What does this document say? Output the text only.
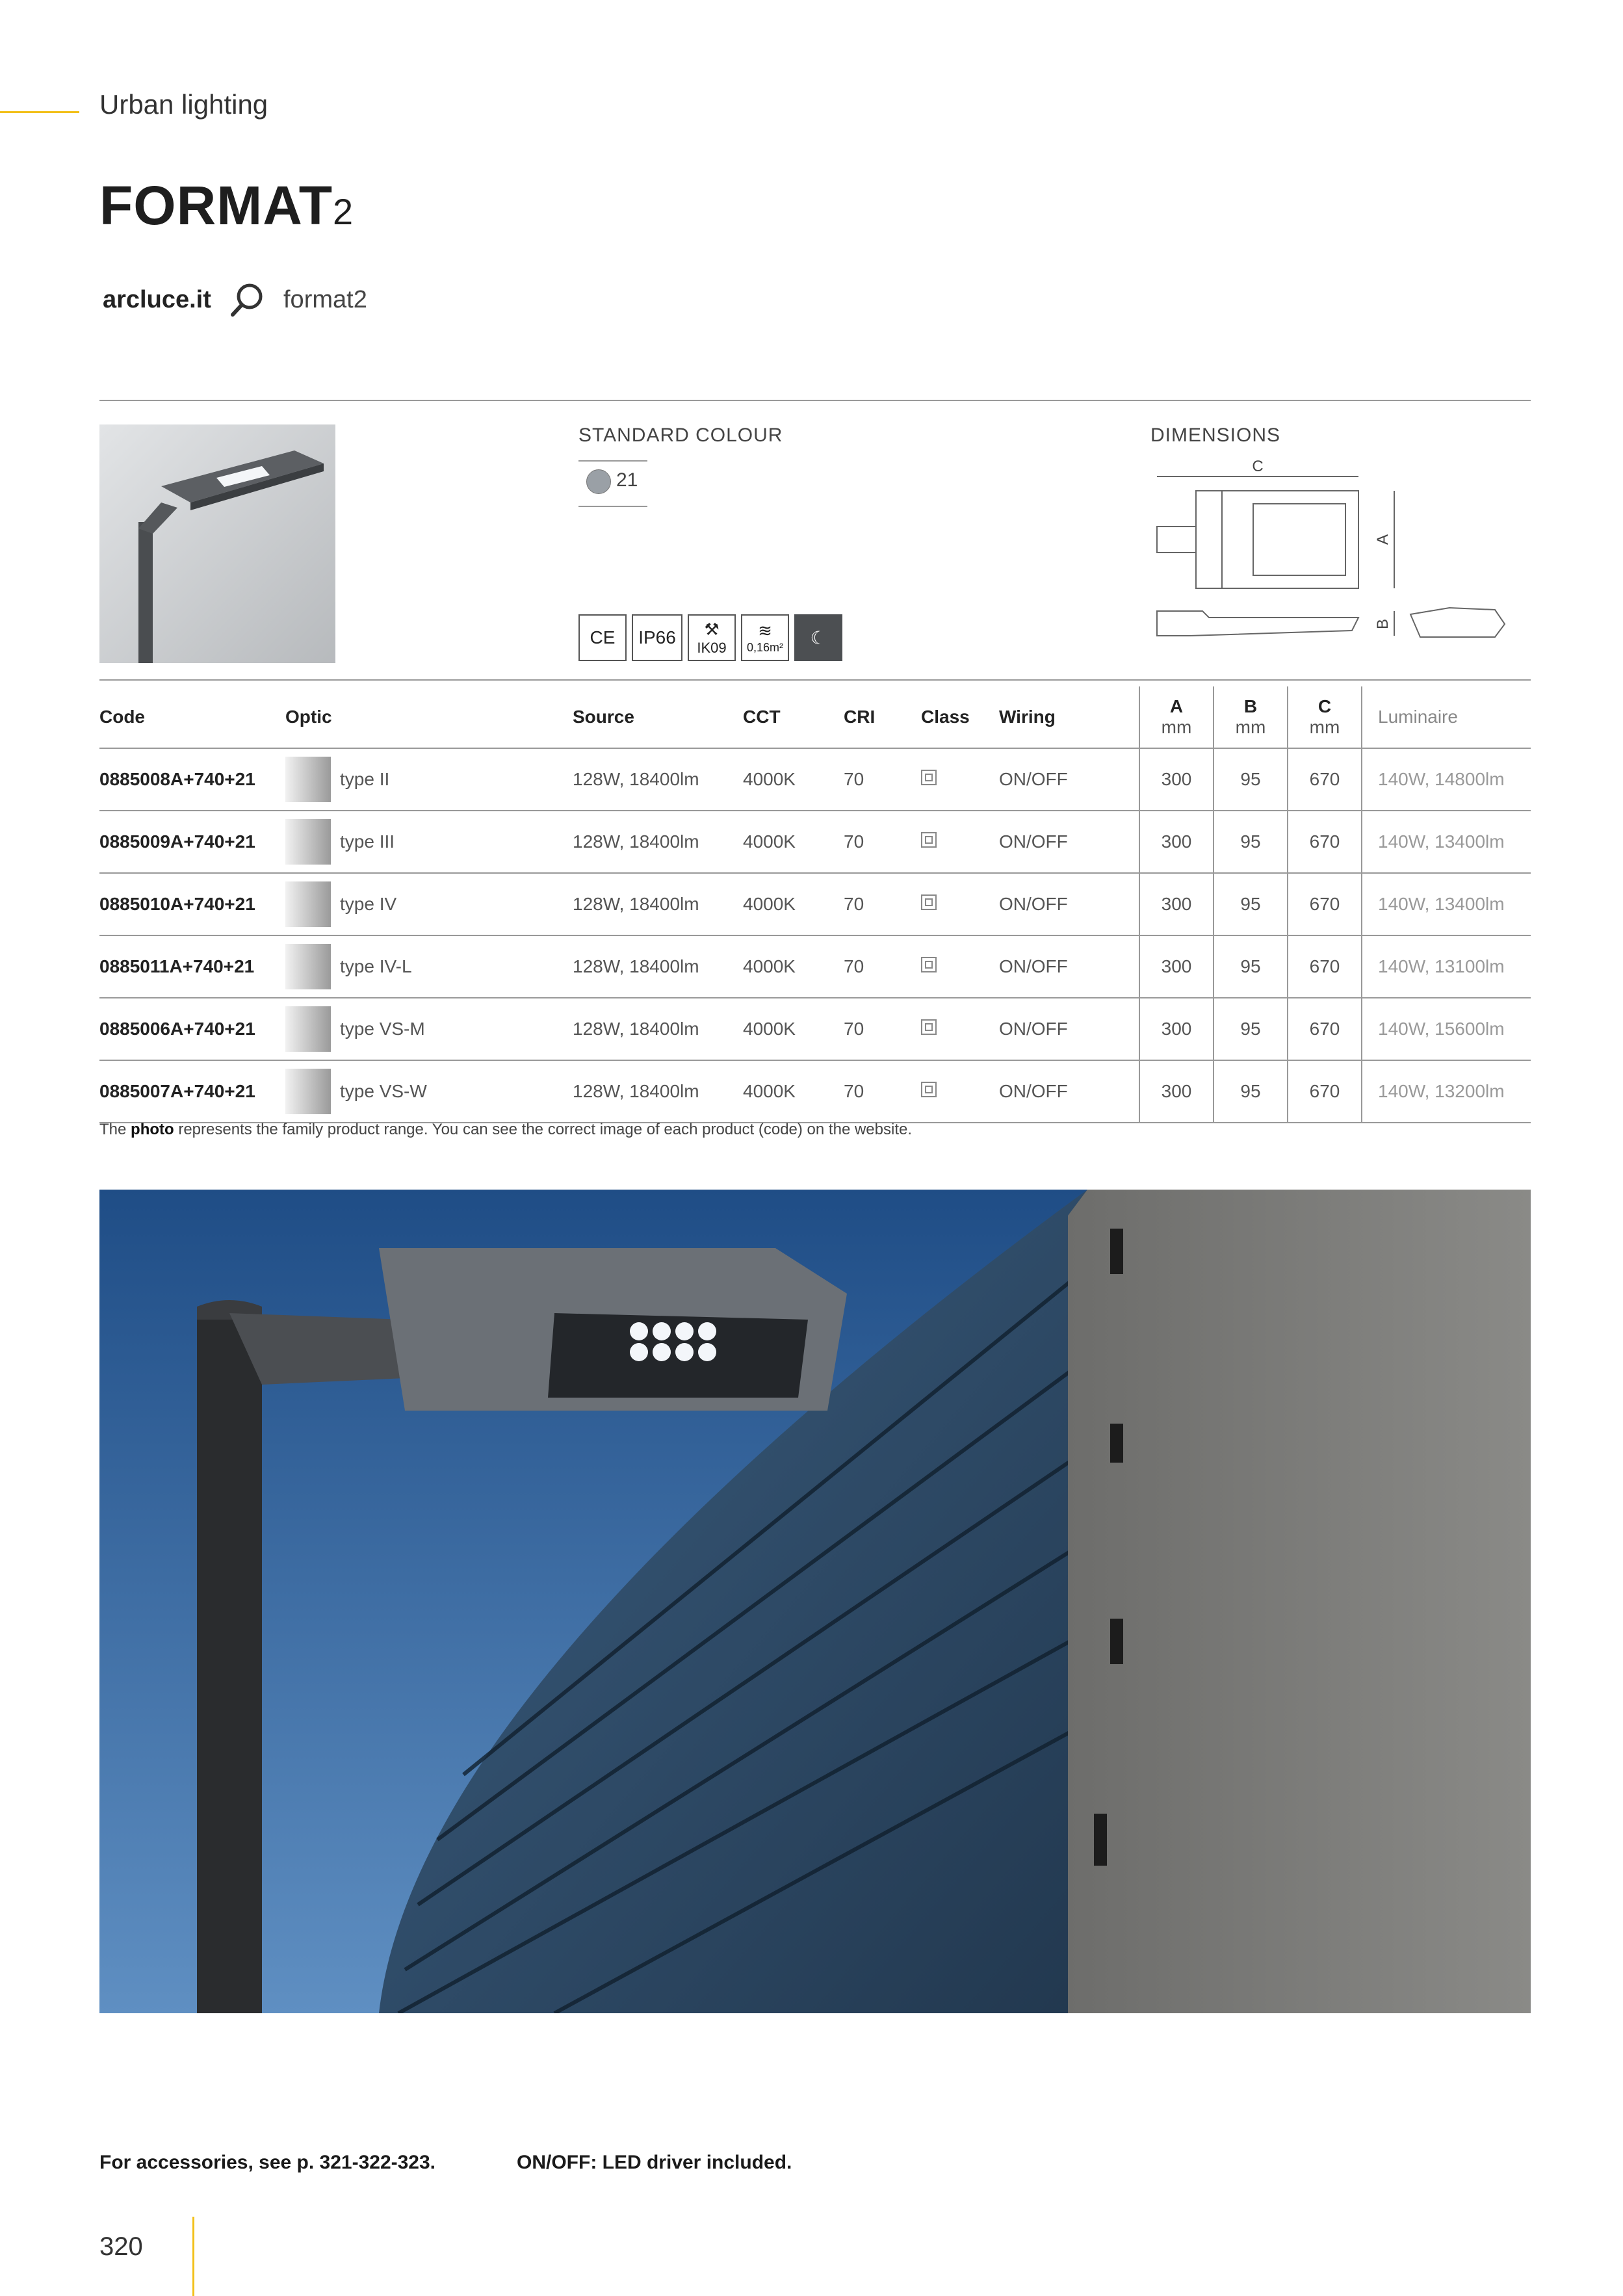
Urban lighting
FORMAT2
arcluce.it	format2
STANDARD COLOUR
21
DIMENSIONS
C
A
B
CE	IP66	⚒
IK09
≋
0,16m²	☾
Code	Optic	Source	CCT	CRI	Class	Wiring	A
mm	B
mm	C
mm	Luminaire
0885008A+740+21	type II	128W, 18400lm	4000K	70		ON/OFF	300	95	670	140W, 14800lm
0885009A+740+21	type III	128W, 18400lm	4000K	70		ON/OFF	300	95	670	140W, 13400lm
0885010A+740+21	type IV	128W, 18400lm	4000K	70		ON/OFF	300	95	670	140W, 13400lm
0885011A+740+21	type IV-L	128W, 18400lm	4000K	70		ON/OFF	300	95	670	140W, 13100lm
0885006A+740+21	type VS-M	128W, 18400lm	4000K	70		ON/OFF	300	95	670	140W, 15600lm
0885007A+740+21	type VS-W	128W, 18400lm	4000K	70		ON/OFF	300	95	670	140W, 13200lm
The photo represents the family product range. You can see the correct image of each product (code) on the website.
For accessories, see p. 321-322-323.	ON/OFF: LED driver included.
320
